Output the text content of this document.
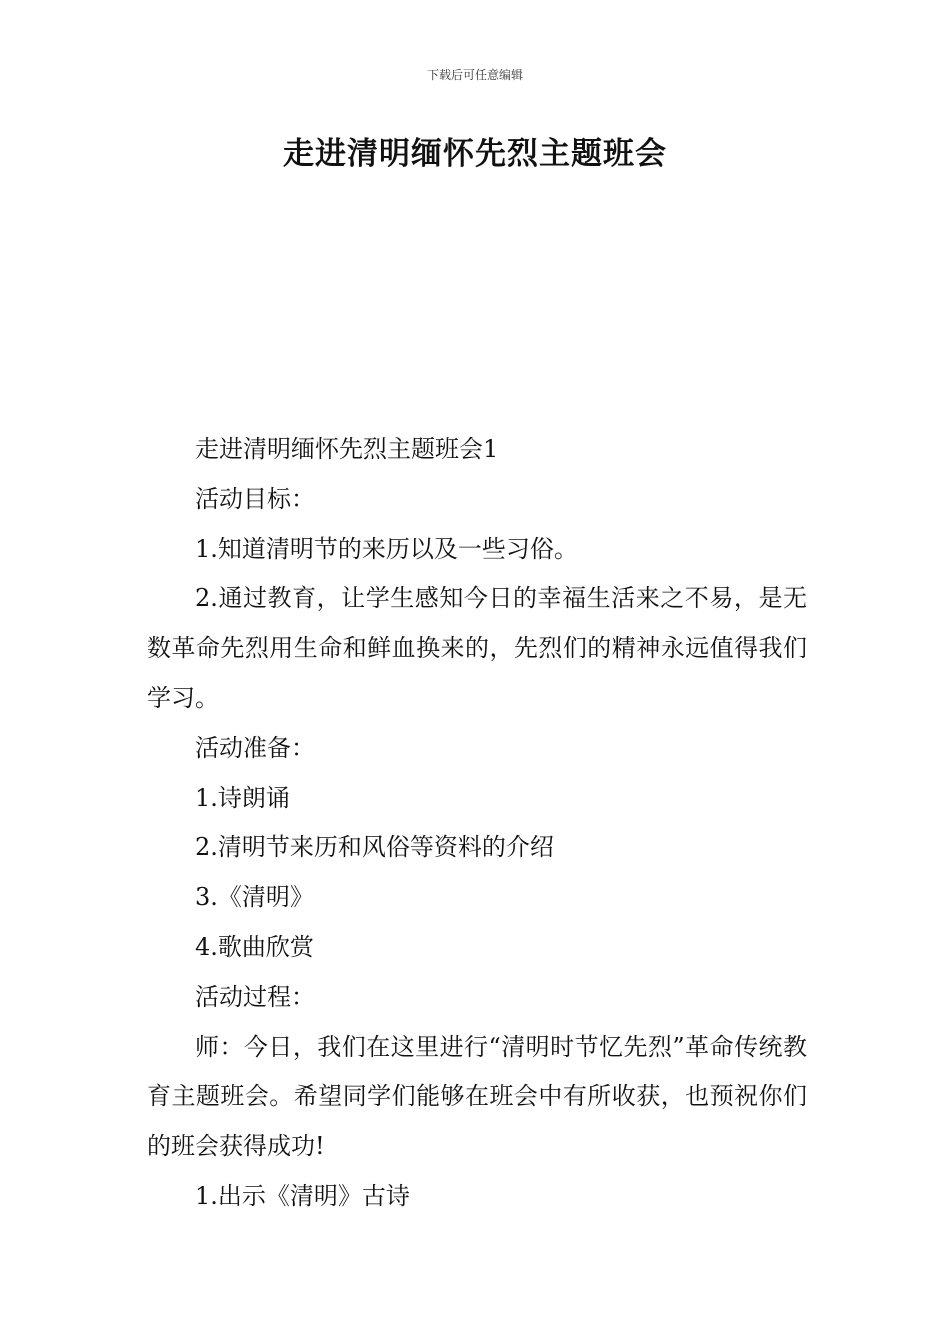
下载后可任意编辑
走进清明缅怀先烈主题班会

走进清明缅怀先烈主题班会1

活动目标：

1.知道清明节的来历以及一些习俗。

2.通过教育，让学生感知今日的幸福生活来之不易，是无数革命先烈用生命和鲜血换来的，先烈们的精神永远值得我们学习。

活动准备：

1.诗朗诵

2.清明节来历和风俗等资料的介绍

3.《清明》

4.歌曲欣赏

活动过程：

师：今日，我们在这里进行“清明时节忆先烈”革命传统教育主题班会。希望同学们能够在班会中有所收获，也预祝你们的班会获得成功!

1.出示《清明》古诗
